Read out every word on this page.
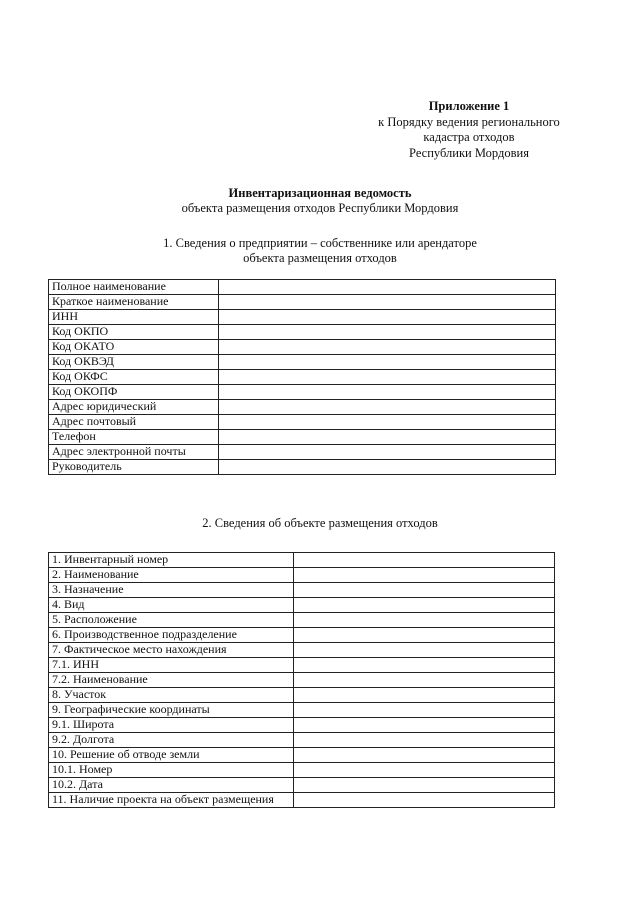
Приложение 1
к Порядку ведения регионального
кадастра отходов
Республики Мордовия
Инвентаризационная ведомость
объекта размещения отходов Республики Мордовия
1. Сведения о предприятии – собственнике или арендаторе
объекта размещения отходов
Полное наименование	
Краткое наименование	
ИНН	
Код ОКПО	
Код ОКАТО	
Код ОКВЭД	
Код ОКФС	
Код ОКОПФ	
Адрес юридический	
Адрес почтовый	
Телефон	
Адрес электронной почты	
Руководитель	
2. Сведения об объекте размещения отходов
1. Инвентарный номер	
2. Наименование	
3. Назначение	
4. Вид	
5. Расположение	
6. Производственное подразделение	
7. Фактическое место нахождения	
7.1. ИНН	
7.2. Наименование	
8. Участок	
9. Географические координаты	
9.1. Широта	
9.2. Долгота	
10. Решение об отводе земли	
10.1. Номер	
10.2. Дата	
11. Наличие проекта на объект размещения	
